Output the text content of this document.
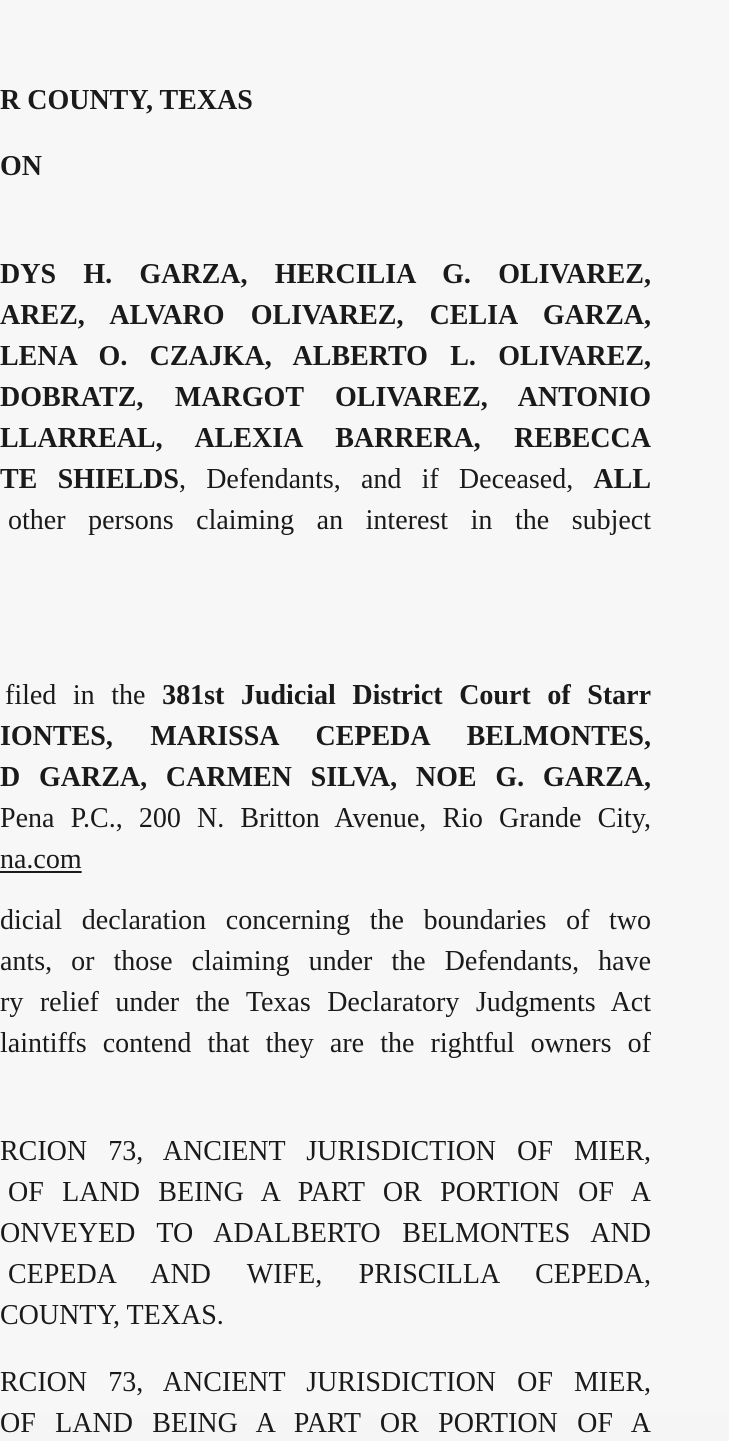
R COUNTY, TEXAS
ON
DYS H. GARZA, HERCILIA G. OLIVAREZ,
AREZ, ALVARO OLIVAREZ, CELIA GARZA,
LENA O. CZAJKA, ALBERTO L. OLIVAREZ,
DOBRATZ, MARGOT OLIVAREZ, ANTONIO
LLARREAL, ALEXIA BARRERA, REBECCA
TE SHIELDS, Defendants, and if Deceased, ALL
other persons claiming an interest in the subject
filed in the 381st Judicial District Court of Starr
IONTES, MARISSA CEPEDA BELMONTES,
D GARZA, CARMEN SILVA, NOE G. GARZA,
Pena P.C., 200 N. Britton Avenue, Rio Grande City,
na.com
dicial declaration concerning the boundaries of two
ants, or those claiming under the Defendants, have
ry relief under the Texas Declaratory Judgments Act
laintiffs contend that they are the rightful owners of
RCION 73, ANCIENT JURISDICTION OF MIER,
OF LAND BEING A PART OR PORTION OF A
ONVEYED TO ADALBERTO BELMONTES AND
CEPEDA AND WIFE, PRISCILLA CEPEDA,
COUNTY, TEXAS.
RCION 73, ANCIENT JURISDICTION OF MIER,
OF LAND BEING A PART OR PORTION OF A
